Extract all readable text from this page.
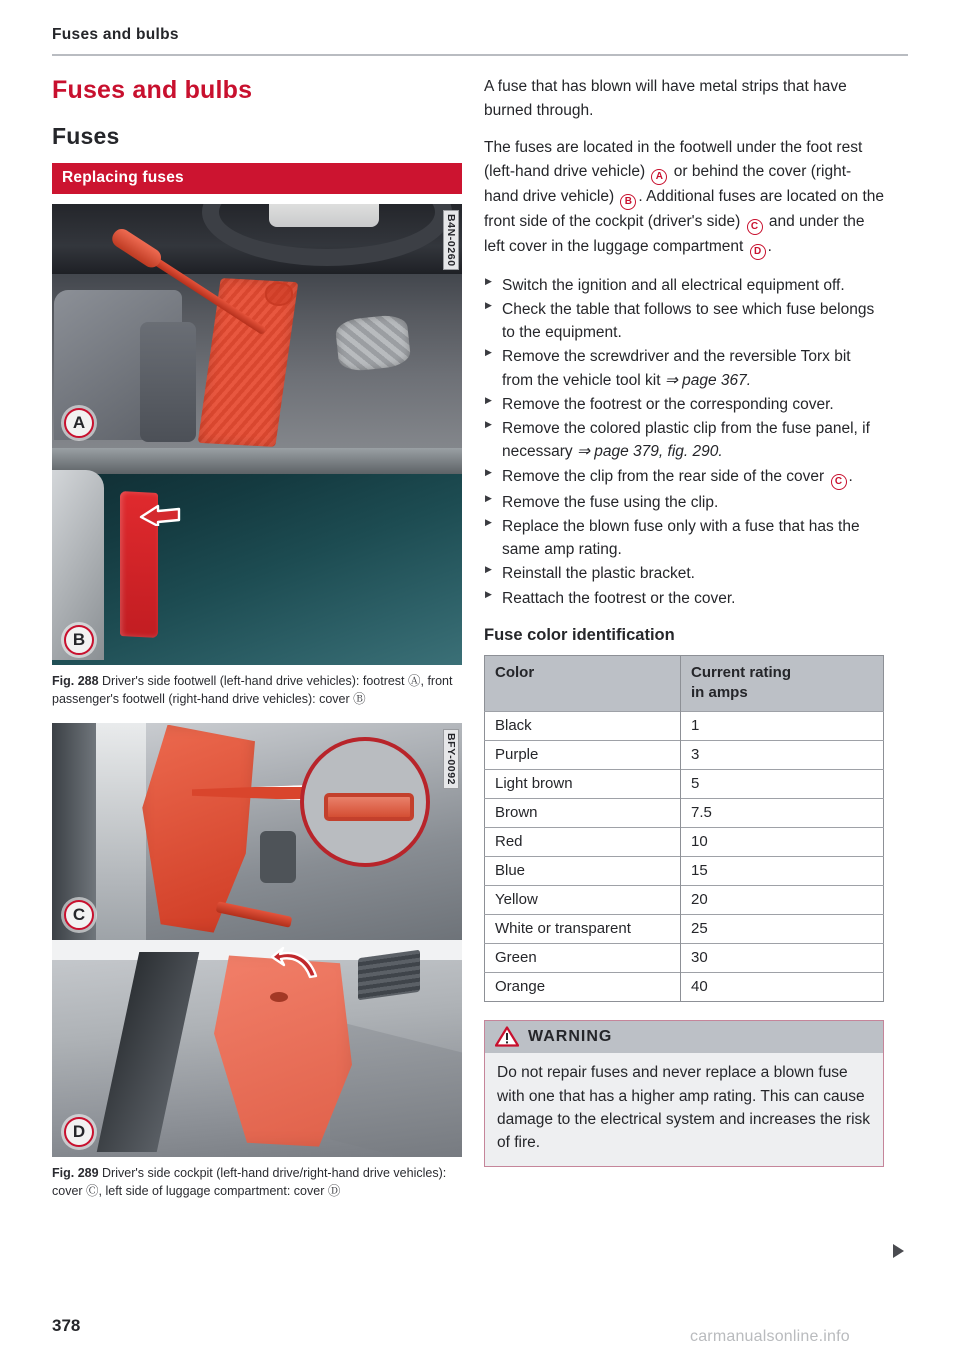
Fuses and bulbs
Fuses and bulbs
Fuses
Replacing fuses
B4N-0260
A
B

Fig. 288 Driver's side footwell (left-hand drive vehicles): footrest Ⓐ, front passenger's footwell (right-hand drive vehicles): cover Ⓑ

BFY-0092
C
D

Fig. 289 Driver's side cockpit (left-hand drive/right-hand drive vehicles): cover Ⓒ, left side of luggage compartment: cover Ⓓ

A fuse that has blown will have metal strips that have burned through.

The fuses are located in the footwell under the foot rest (left-hand drive vehicle) A or behind the cover (right-hand drive vehicle) B . Additional fuses are located on the front side of the cockpit (driver's side) C and under the left cover in the luggage compartment D .

▶ Switch the ignition and all electrical equipment off.
▶ Check the table that follows to see which fuse belongs to the equipment.
▶ Remove the screwdriver and the reversible Torx bit from the vehicle tool kit ⇒ page 367.
▶ Remove the footrest or the corresponding cover.
▶ Remove the colored plastic clip from the fuse panel, if necessary ⇒ page 379, fig. 290.
▶ Remove the clip from the rear side of the cover C .
▶ Remove the fuse using the clip.
▶ Replace the blown fuse only with a fuse that has the same amp rating.
▶ Reinstall the plastic bracket.
▶ Reattach the footrest or the cover.
Fuse color identification
Color	Current rating
in amps

Black	1
Purple	3
Light brown	5
Brown	7.5
Red	10
Blue	15
Yellow	20
White or transparent	25
Green	30
Orange	40
WARNING
Do not repair fuses and never replace a blown fuse with one that has a higher amp rating. This can cause damage to the electrical system and increases the risk of fire.
378
carmanualsonline.info
